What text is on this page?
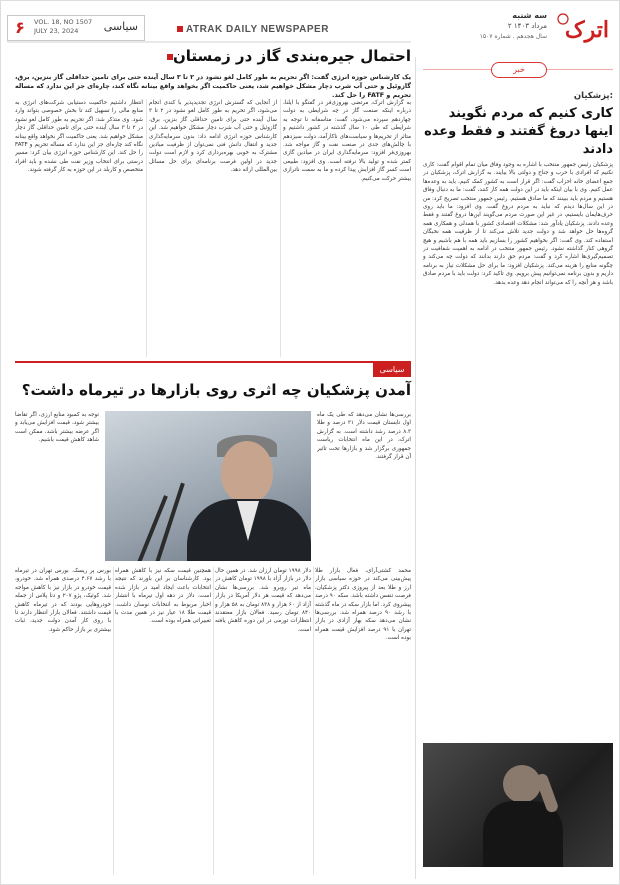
۶	VOL. 18, NO 1507
JULY 23, 2024	سیاسی	ATRAK DAILY NEWSPAPER	اترک
سه شنبه
۲ مرداد ۱۴۰۳
سال هجدهم . شماره ۱۵۰۷
احتمال جیره‌بندی گاز در زمستان
یک کارشناس حوزه انرژی گفت: اگر تحریم به طور کامل لغو نشود در ۲ تا ۳ سال آینده حتی برای تامین حداقلی گاز بنزین، برق، گازوئیل و حتی آب شرب دچار مشکل خواهیم شد، یعنی حاکمیت اگر بخواهد واقع بینانه نگاه کند، چاره‌ای جز این ندارد که مساله تحریم و FATF را حل کند.
به گزارش اترک، مرتضی بهروزی‌فر در گفتگو با ایلنا، درباره اینکه صنعت گاز در چه شرایطی به دولت چهاردهم سپرده می‌شود، گفت: متاسفانه نا توجه به شرایطی که طی ۱۰ سال گذشته در کشور داشتیم و متاثر از تحریم‌ها و سیاست‌های ناکارآمد، دولت سیزدهم با چالش‌های جدی در صنعت نفت و گاز مواجه شد. بهروزی‌فر افزود: سرمایه‌گذاری ایران در میادین گازی کمتر شده و تولید بالا نرفته است. وی افزود: طبیعی است کسر گاز افزایش پیدا کرده و ما به سمت ناترازی بیشتر حرکت می‌کنیم.
از آنجایی که گسترش انرژی تجدیدپذیر با کندی انجام می‌شود، اگر تحریم به طور کامل لغو نشود در ۲ تا ۳ سال آینده حتی برای تامین حداقلی گاز بنزین، برق، گازوئیل و حتی آب شرب دچار مشکل خواهیم شد. این کارشناس حوزه انرژی ادامه داد: بدون سرمایه‌گذاری جدید و انتقال دانش فنی نمی‌توان از ظرفیت میادین مشترک به خوبی بهره‌برداری کرد و لازم است دولت جدید در اولین فرصت برنامه‌ای برای حل مسائل بین‌المللی ارائه دهد.
انتظار داشتیم حاکمیت دستیابی شرکت‌های انرژی به منابع مالی را تسهیل کند تا بخش خصوصی بتواند وارد شود. وی متذکر شد: اگر تحریم به طور کامل لغو نشود در ۲ تا ۳ سال آینده حتی برای تامین حداقلی گاز دچار مشکل خواهیم شد. یعنی حاکمیت اگر بخواهد واقع بینانه نگاه کند چاره‌ای جز این ندارد که مساله تحریم و FATF را حل کند. این کارشناس حوزه انرژی بیان کرد: مسیر درستی برای انتخاب وزیر نفت طی نشده و باید افراد متخصص و کاربلد در این حوزه به کار گرفته شوند.
سیاسی
آمدن پزشکیان چه اثری روی بازارها در تیرماه داشت؟
بررسی‌ها نشان می‌دهد که طی یک ماه اول تابستان قیمت دلار ۳۱ درصد و طلا ۸.۳ درصد رشد داشته است. به گزارش اترک، در این ماه انتخابات ریاست جمهوری برگزار شد و بازارها تحت تاثیر آن قرار گرفتند.
توجه به کمبود منابع ارزی، اگر تقاضا بیشتر شود، قیمت افزایش می‌یابد و اگر عرضه بیشتر باشد، ممکن است شاهد کاهش قیمت باشیم.
محمد کشتی‌آرای، فعال بازار طلا پیش‌بینی می‌کند در حوزه سیاسی بازار ارز و طلا بعد از پیروزی دکتر پزشکیان، فرصت تنفس داشته باشد. سکه ۹۰ درصد پیشروی کرد. اما بازار سکه در ماه گذشته با رشد ۹۰ درصد همراه شد. بررسی‌ها نشان می‌دهد سکه بهار آزادی در بازار تهران با ۹۱ درصد افزایش قیمت همراه بوده است.
دلار ۱۹۹۸ تومان ارزان شد. در همین حال دلار در بازار آزاد با ۱۹۹۸ تومان کاهش در ماه تیر روبرو شد. بررسی‌ها نشان می‌دهد که قیمت هر دلار آمریکا در بازار آزاد از ۶۰ هزار و ۸۳۸ تومان به ۵۸ هزار و ۸۴۰ تومان رسید. فعالان بازار معتقدند انتظارات تورمی در این دوره کاهش یافته است.
همچنین قیمت سکه نیز با کاهش همراه بود. کارشناسان بر این باورند که نتیجه انتخابات باعث ایجاد امید در بازار شده است. دلار در دهه اول تیرماه با انتشار اخبار مربوط به انتخابات نوسان داشت. قیمت طلا ۱۸ عیار نیز در همین مدت با تغییراتی همراه بوده است.
بورس پر ریسک. بورس تهران در تیرماه با رشد ۴.۶۷ درصدی همراه شد. خودرو، قیمت خودرو در بازار نیز با کاهش مواجه شد. کوئیک، پژو ۲۰۷ و دنا پلاس از جمله خودروهایی بودند که در تیرماه کاهش قیمت داشتند. فعالان بازار انتظار دارند تا با روی کار آمدن دولت جدید، ثبات بیشتری بر بازار حاکم شود.
خبر
پزشکیان:
کاری کنیم که مردم نگویند اینها دروغ گفتند و فقط وعده دادند
پزشکیان رئیس جمهور منتخب با اشاره به وجود وفاق میان تمام اقوام گفت: کاری نکنیم که افرادی با حرب و جناح و دولتی بالا بیایند. به گزارش اترک، پزشکیان در جمع اعضای خانه احزاب گفت: اگر قرار است به کشور کمک کنیم، باید به وعده‌ها عمل کنیم. وی با بیان اینکه باید در این دولت همه کار کنند، گفت: ما به دنبال وفاق هستیم و مردم باید ببینند که ما صادق هستیم. رئیس جمهور منتخب تصریح کرد: من در این سال‌ها دیدم که نباید به مردم دروغ گفت. وی افزود: ما باید روی حرف‌هایمان بایستیم، در غیر این صورت مردم می‌گویند این‌ها دروغ گفتند و فقط وعده دادند. پزشکیان یادآور شد: مشکلات اقتصادی کشور با همدلی و همکاری همه گروه‌ها حل خواهد شد و دولت جدید تلاش می‌کند تا از ظرفیت همه نخبگان استفاده کند. وی گفت: اگر بخواهیم کشور را بسازیم باید همه با هم باشیم و هیچ گروهی کنار گذاشته نشود. رئیس جمهور منتخب در ادامه به اهمیت شفافیت در تصمیم‌گیری‌ها اشاره کرد و گفت: مردم حق دارند بدانند که دولت چه می‌کند و چگونه منابع را هزینه می‌کند. پزشکیان افزود: ما برای حل مشکلات نیاز به برنامه داریم و بدون برنامه نمی‌توانیم پیش برویم. وی تاکید کرد: دولت باید با مردم صادق باشد و هر آنچه را که می‌تواند انجام دهد وعده بدهد.
